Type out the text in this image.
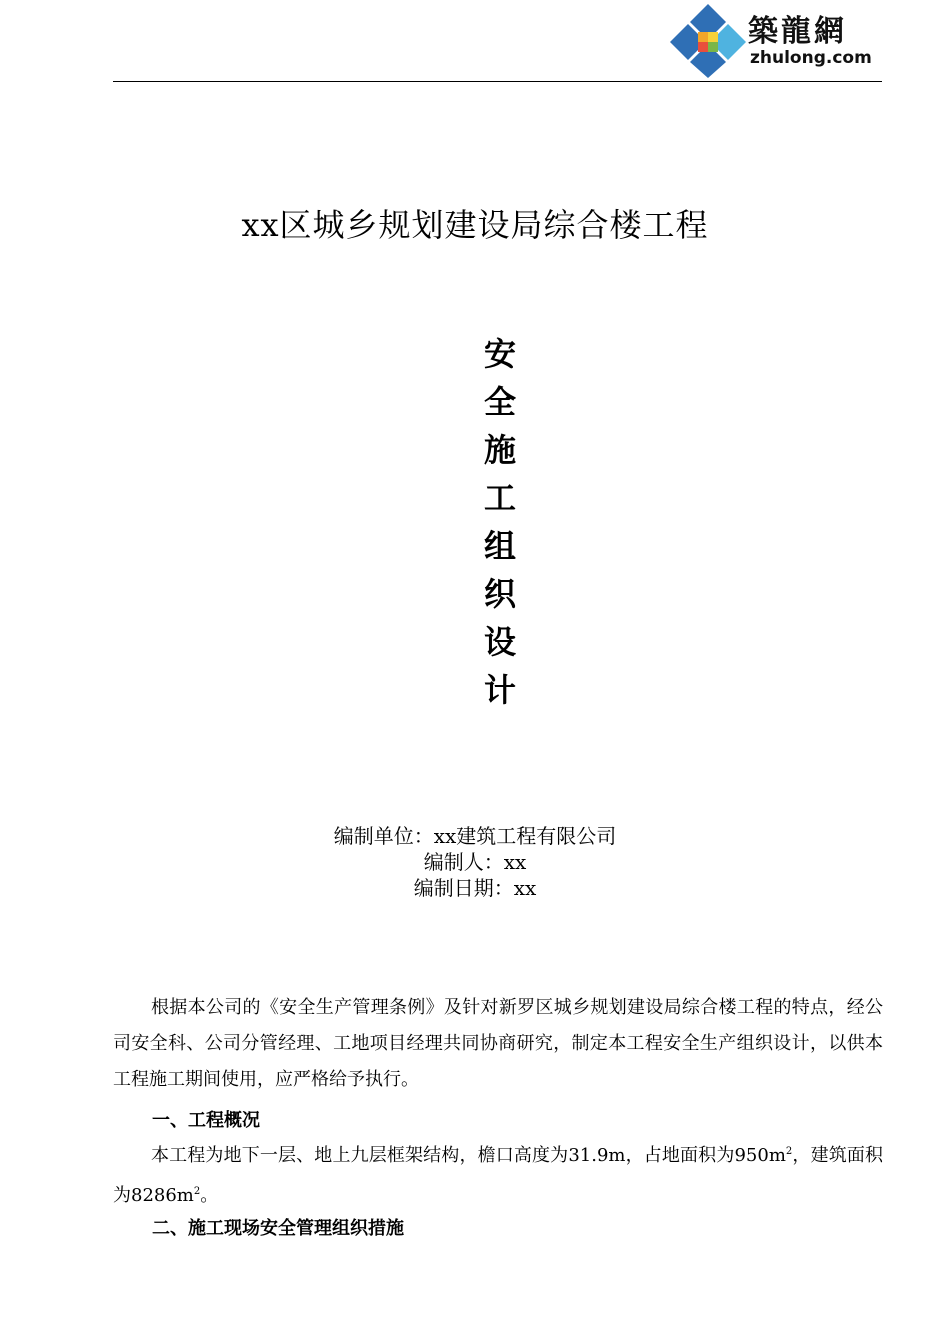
築龍網
zhulong.com
xx区城乡规划建设局综合楼工程
安
全
施
工
组
织
设
计
编制单位：xx建筑工程有限公司
编制人：xx
编制日期：xx
根据本公司的《安全生产管理条例》及针对新罗区城乡规划建设局综合楼工程的特点，经公司安全科、公司分管经理、工地项目经理共同协商研究，制定本工程安全生产组织设计，以供本工程施工期间使用，应严格给予执行。
一、工程概况
本工程为地下一层、地上九层框架结构，檐口高度为31.9m，占地面积为$950m^2$，建筑面积为$8286m^2$。
二、施工现场安全管理组织措施
